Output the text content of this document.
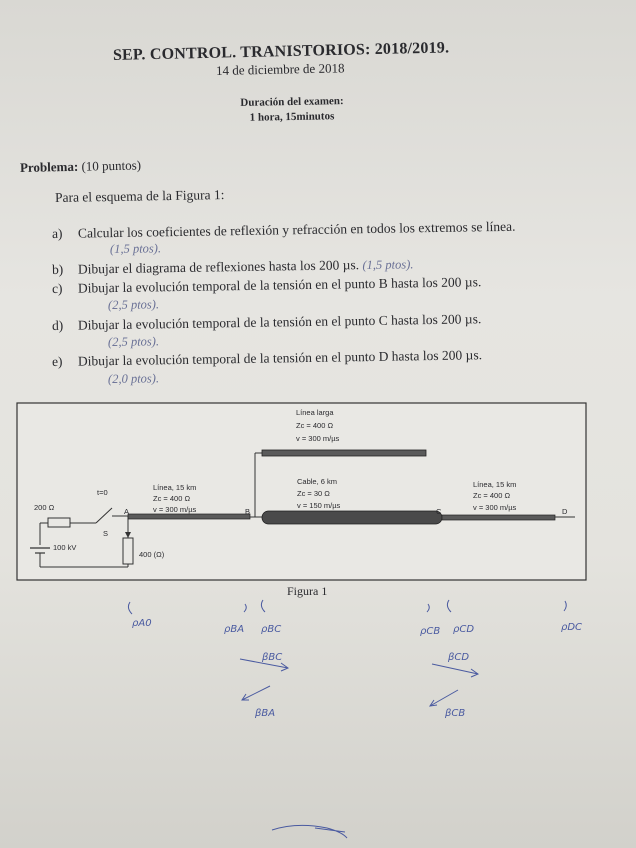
SEP. CONTROL. TRANISTORIOS: 2018/2019.
14 de diciembre de 2018
Duración del examen:
1 hora, 15minutos
Problema: (10 puntos)
Para el esquema de la Figura 1:
a) Calcular los coeficientes de reflexión y refracción en todos los extremos se línea.
(1,5 ptos).
b) Dibujar el diagrama de reflexiones hasta los 200 µs. (1,5 ptos).
c) Dibujar la evolución temporal de la tensión en el punto B hasta los 200 µs.
(2,5 ptos).
d) Dibujar la evolución temporal de la tensión en el punto C hasta los 200 µs.
(2,5 ptos).
e) Dibujar la evolución temporal de la tensión en el punto D hasta los 200 µs.
(2,0 ptos).
Línea larga
Zc = 400 Ω
v = 300 m/µs
200 Ω
t=0
S
100 kV
400 (Ω)
Línea, 15 km
Zc = 400 Ω
v = 300 m/µs
A	B
Cable, 6 km
Zc = 30 Ω
v = 150 m/µs
C
Línea, 15 km
Zc = 400 Ω
v = 300 m/µs	D
ρA0
ρBA ρBC	ρCB ρCD	ρDC
βBC
βBA
βCD
βCB
Figura 1
